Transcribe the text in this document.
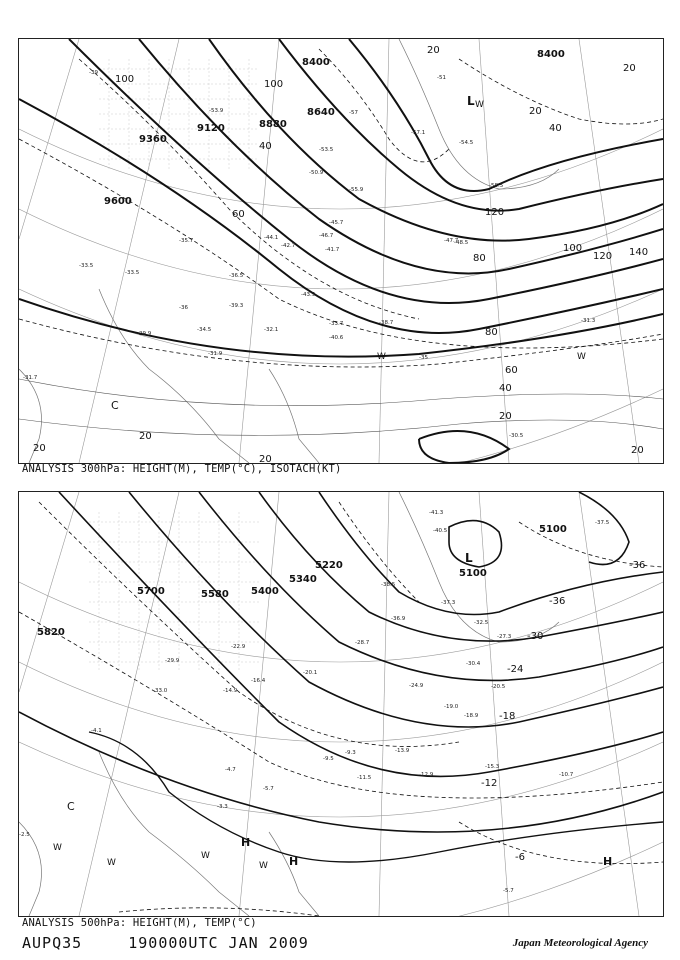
8400
8400
8640
8880
9120
9360
9600
100
20
40
20
40
60
80
100
120 140
120
100
80
60
40
20
20
20
20
20
20
-39
-51
-53.9	-57
-57.1
-53.5
-55.9
-50.9
-48.5
-47.7
-44.1
-43.9
-45.7
-46.7
-42.7
-41.7
-36.5
-35.7
-33.5
-33.7
-32.1
-31.9
-29.9
-33.5
-34.5
-35
-31.3
-30.5
-31.7
-36	-39.3
-38.7
-40.6
-54.5
-58.5
L W
W	W
C
ANALYSIS 300hPa: HEIGHT(M), TEMP(°C), ISOTACH(KT)
5100
5100
5340
5220
5400
5580
5700
5820
-36
-36
-30
-24
-18
-12
-6
-41.3
-40.5
-37.5
-38.5
-37.3
-36.9
-32.5
-27.3
-30.4
-20.5
-18.9
-19.0
-13.9
-12.9
-15.3
-10.7
-11.5
-9.5
-9.3
-5.7
-4.7
-3.3
-4.1
-2.5
-5.7
-22.9
-14.9
-16.4
-20.1
-24.9
-28.7
-29.9
-33.0
L
H
H	H
W
W
W
W
C
ANALYSIS 500hPa: HEIGHT(M), TEMP(°C)
AUPQ35	190000UTC JAN 2009	Japan Meteorological Agency
